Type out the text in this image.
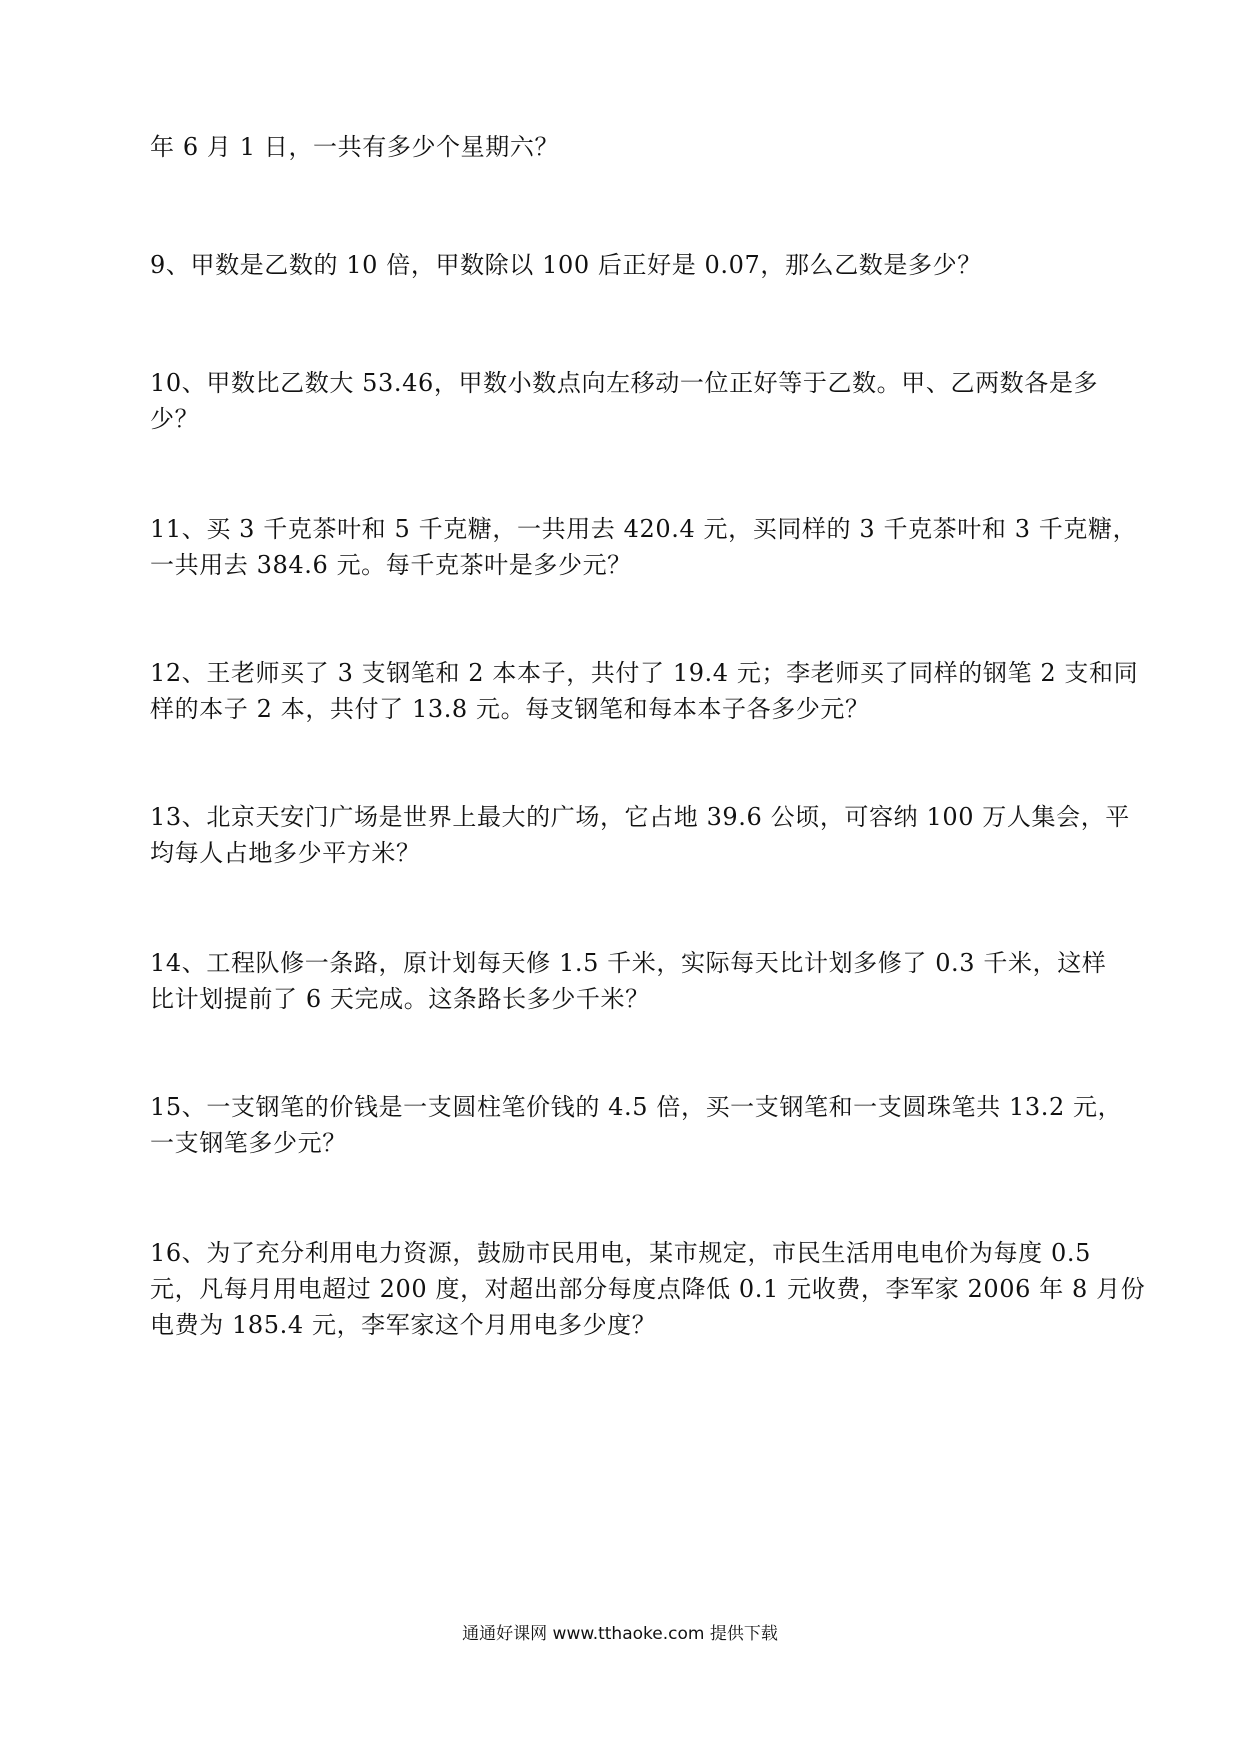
年 6 月 1 日，一共有多少个星期六？
9、甲数是乙数的 10 倍，甲数除以 100 后正好是 0.07，那么乙数是多少？
10、甲数比乙数大 53.46，甲数小数点向左移动一位正好等于乙数。甲、乙两数各是多
少？
11、买 3 千克茶叶和 5 千克糖，一共用去 420.4 元，买同样的 3 千克茶叶和 3 千克糖，
一共用去 384.6 元。每千克茶叶是多少元？
12、王老师买了 3 支钢笔和 2 本本子，共付了 19.4 元；李老师买了同样的钢笔 2 支和同
样的本子 2 本，共付了 13.8 元。每支钢笔和每本本子各多少元？
13、北京天安门广场是世界上最大的广场，它占地 39.6 公顷，可容纳 100 万人集会，平
均每人占地多少平方米？
14、工程队修一条路，原计划每天修 1.5 千米，实际每天比计划多修了 0.3 千米，这样
比计划提前了 6 天完成。这条路长多少千米？
15、一支钢笔的价钱是一支圆柱笔价钱的 4.5 倍，买一支钢笔和一支圆珠笔共 13.2 元，
一支钢笔多少元？
16、为了充分利用电力资源，鼓励市民用电，某市规定，市民生活用电电价为每度 0.5
元，凡每月用电超过 200 度，对超出部分每度点降低 0.1 元收费，李军家 2006 年 8 月份
电费为 185.4 元，李军家这个月用电多少度？
通通好课网 www.tthaoke.com 提供下载
